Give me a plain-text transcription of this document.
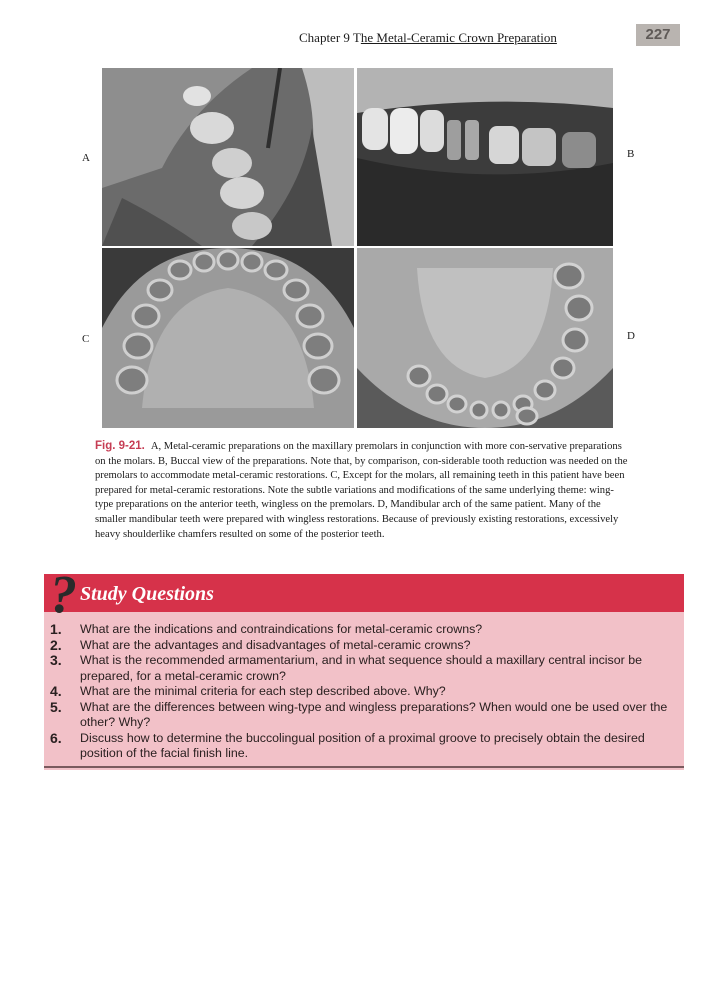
Chapter 9 The Metal-Ceramic Crown Preparation	227
A	B
C	D
Fig. 9-21. A, Metal-ceramic preparations on the maxillary premolars in conjunction with more con-servative preparations on the molars. B, Buccal view of the preparations. Note that, by comparison, con-siderable tooth reduction was needed on the premolars to accommodate metal-ceramic restorations. C, Except for the molars, all remaining teeth in this patient have been prepared for metal-ceramic restorations. Note the subtle variations and modifications of the same underlying theme: wing-type preparations on the anterior teeth, wingless on the premolars. D, Mandibular arch of the same patient. Many of the smaller mandibular teeth were prepared with wingless restorations. Because of previously existing restorations, excessively heavy shoulderlike chamfers resulted on some of the posterior teeth.
? Study Questions
1. What are the indications and contraindications for metal-ceramic crowns?
2. What are the advantages and disadvantages of metal-ceramic crowns?
3. What is the recommended armamentarium, and in what sequence should a maxillary central incisor be prepared, for a metal-ceramic crown?
4. What are the minimal criteria for each step described above. Why?
5. What are the differences between wing-type and wingless preparations? When would one be used over the other? Why?
6. Discuss how to determine the buccolingual position of a proximal groove to precisely obtain the desired position of the facial finish line.
